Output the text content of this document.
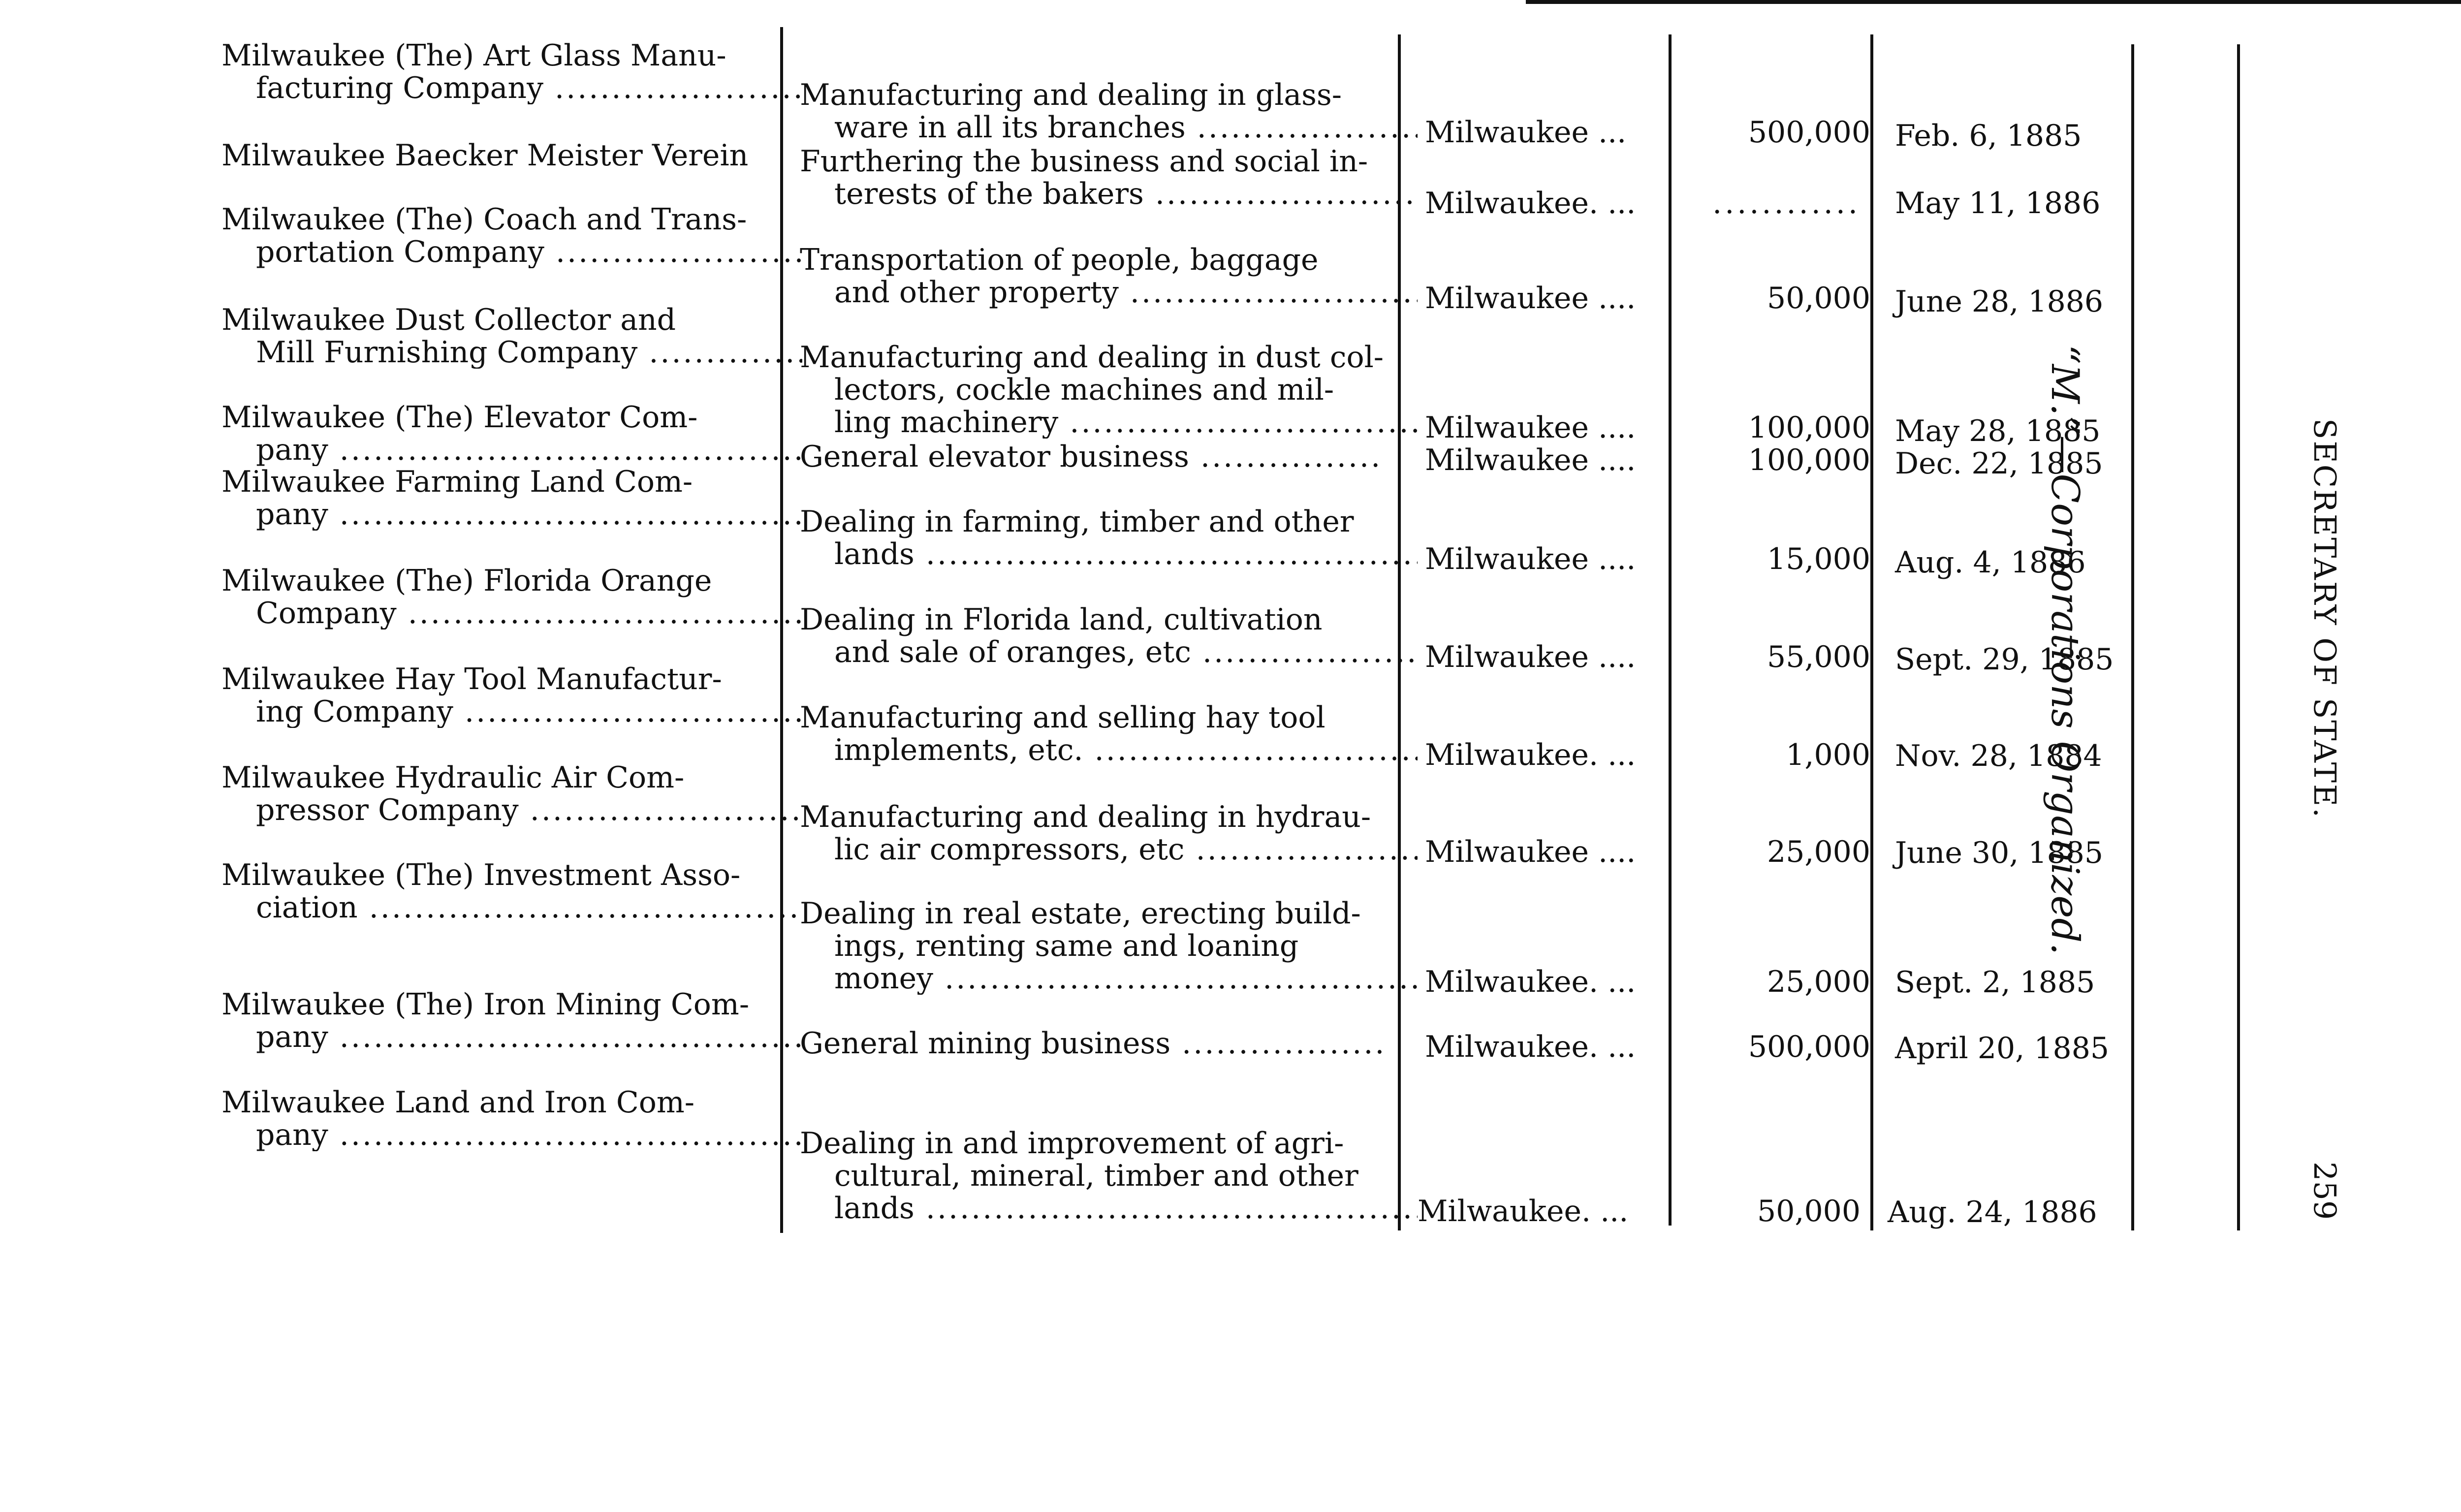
Milwaukee (The) Art Glass Manu-
facturing Company .....	Manufacturing and dealing in glass-
ware in all its branches .....	Milwaukee ...	500,000 Feb. 6, 1885
Milwaukee Baecker Meister Verein	Furthering the business and social in-
terests of the bakers .....	Milwaukee. ...	............ May 11, 1886
Milwaukee (The) Coach and Trans-
portation Company .....	Transportation of people, baggage
and other property .....	Milwaukee ....	50,000 June 28, 1886
Milwaukee Dust Collector and
Mill Furnishing Company .....	Manufacturing and dealing in dust col-
lectors, cockle machines and mil-
ling machinery .....	Milwaukee ....	100,000 May 28, 1885
Milwaukee (The) Elevator Com-
pany .....	General elevator business .....	Milwaukee ....	100,000 Dec. 22, 1885
Milwaukee Farming Land Com-
pany .....	Dealing in farming, timber and other
lands .....	Milwaukee ....	15,000 Aug. 4, 1886
Milwaukee (The) Florida Orange
Company .....	Dealing in Florida land, cultivation
and sale of oranges, etc .....	Milwaukee ....	55,000 Sept. 29, 1885
Milwaukee Hay Tool Manufactur-
ing Company .....	Manufacturing and selling hay tool
implements, etc. .....	Milwaukee. ...	1,000 Nov. 28, 1884
Milwaukee Hydraulic Air Com-
pressor Company .....	Manufacturing and dealing in hydrau-
lic air compressors, etc .....	Milwaukee ....	25,000 June 30, 1885
Milwaukee (The) Investment Asso-
ciation .....	Dealing in real estate, erecting build-
ings, renting same and loaning
money .....	Milwaukee. ...	25,000 Sept. 2, 1885
Milwaukee (The) Iron Mining Com-
pany .....	General mining business .....	Milwaukee. ...	500,000 April 20, 1885
Milwaukee Land and Iron Com-
pany .....	Dealing in and improvement of agri-
cultural, mineral, timber and other
lands .....	Milwaukee. ...	50,000 Aug. 24, 1886
“M.”—Corporations Organized.	SECRETARY OF STATE.
259
